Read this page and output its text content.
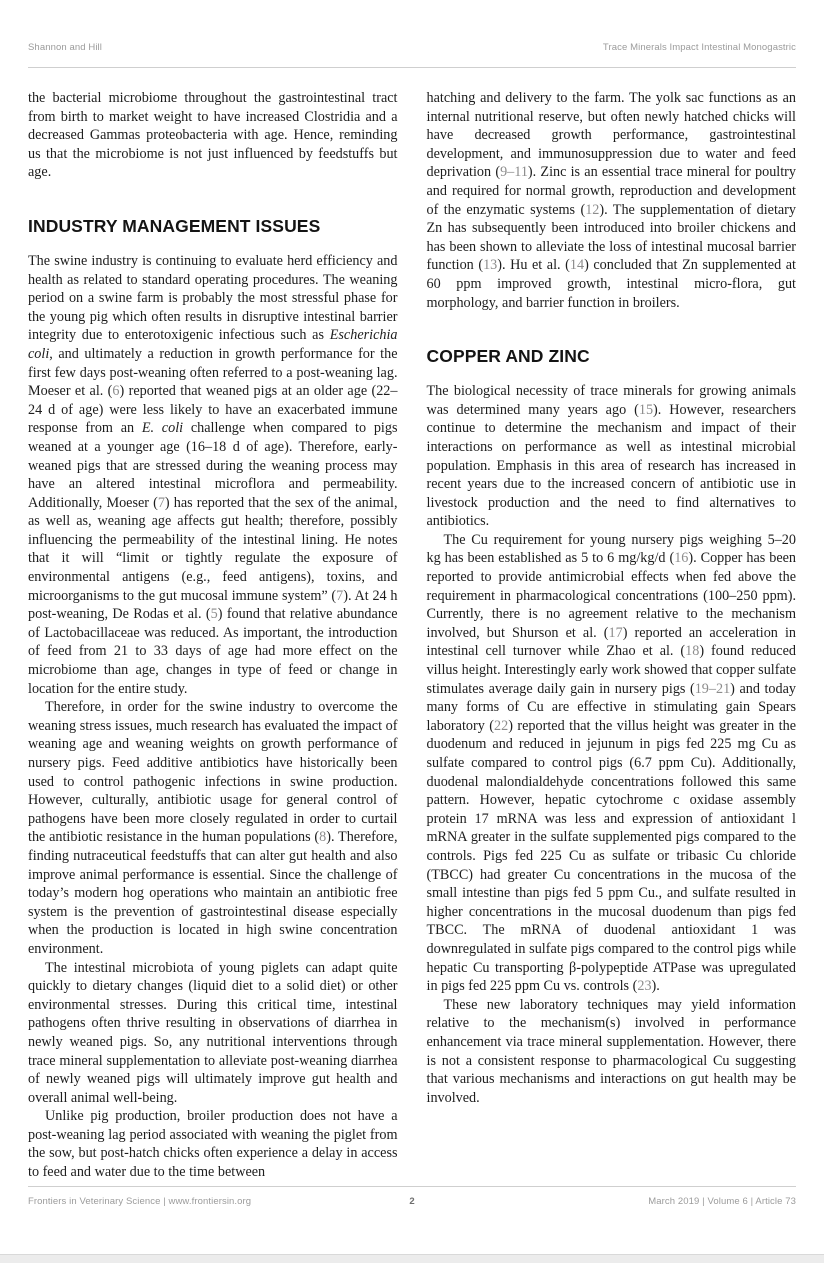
Shannon and Hill	Trace Minerals Impact Intestinal Monogastric

the bacterial microbiome throughout the gastrointestinal tract from birth to market weight to have increased Clostridia and a decreased Gammas proteobacteria with age. Hence, reminding us that the microbiome is not just influenced by feedstuffs but age.

INDUSTRY MANAGEMENT ISSUES

The swine industry is continuing to evaluate herd efficiency and health as related to standard operating procedures. The weaning period on a swine farm is probably the most stressful phase for the young pig which often results in disruptive intestinal barrier integrity due to enterotoxigenic infectious such as Escherichia coli, and ultimately a reduction in growth performance for the first few days post-weaning often referred to a post-weaning lag. Moeser et al. (6) reported that weaned pigs at an older age (22–24 d of age) were less likely to have an exacerbated immune response from an E. coli challenge when compared to pigs weaned at a younger age (16–18 d of age). Therefore, early-weaned pigs that are stressed during the weaning process may have an altered intestinal microflora and permeability. Additionally, Moeser (7) has reported that the sex of the animal, as well as, weaning age affects gut health; therefore, possibly influencing the permeability of the intestinal lining. He notes that it will “limit or tightly regulate the exposure of environmental antigens (e.g., feed antigens), toxins, and microorganisms to the gut mucosal immune system” (7). At 24 h post-weaning, De Rodas et al. (5) found that relative abundance of Lactobacillaceae was reduced. As important, the introduction of feed from 21 to 33 days of age had more effect on the microbiome than age, changes in type of feed or change in location for the entire study.

Therefore, in order for the swine industry to overcome the weaning stress issues, much research has evaluated the impact of weaning age and weaning weights on growth performance of nursery pigs. Feed additive antibiotics have historically been used to control pathogenic infections in swine production. However, culturally, antibiotic usage for general control of pathogens have been more closely regulated in order to curtail the antibiotic resistance in the human populations (8). Therefore, finding nutraceutical feedstuffs that can alter gut health and also improve animal performance is essential. Since the challenge of today’s modern hog operations who maintain an antibiotic free system is the prevention of gastrointestinal disease especially when the production is located in high swine concentration environment.

The intestinal microbiota of young piglets can adapt quite quickly to dietary changes (liquid diet to a solid diet) or other environmental stresses. During this critical time, intestinal pathogens often thrive resulting in observations of diarrhea in newly weaned pigs. So, any nutritional interventions through trace mineral supplementation to alleviate post-weaning diarrhea of newly weaned pigs will ultimately improve gut health and overall animal well-being.

Unlike pig production, broiler production does not have a post-weaning lag period associated with weaning the piglet from the sow, but post-hatch chicks often experience a delay in access to feed and water due to the time between

hatching and delivery to the farm. The yolk sac functions as an internal nutritional reserve, but often newly hatched chicks will have decreased growth performance, gastrointestinal development, and immunosuppression due to water and feed deprivation (9–11). Zinc is an essential trace mineral for poultry and required for normal growth, reproduction and development of the enzymatic systems (12). The supplementation of dietary Zn has subsequently been introduced into broiler chickens and has been shown to alleviate the loss of intestinal mucosal barrier function (13). Hu et al. (14) concluded that Zn supplemented at 60 ppm improved growth, intestinal micro-flora, gut morphology, and barrier function in broilers.

COPPER AND ZINC

The biological necessity of trace minerals for growing animals was determined many years ago (15). However, researchers continue to determine the mechanism and impact of their interactions on performance as well as intestinal microbial population. Emphasis in this area of research has increased in recent years due to the increased concern of antibiotic use in livestock production and the need to find alternatives to antibiotics.

The Cu requirement for young nursery pigs weighing 5–20 kg has been established as 5 to 6 mg/kg/d (16). Copper has been reported to provide antimicrobial effects when fed above the requirement in pharmacological concentrations (100–250 ppm). Currently, there is no agreement relative to the mechanism involved, but Shurson et al. (17) reported an acceleration in intestinal cell turnover while Zhao et al. (18) found reduced villus height. Interestingly early work showed that copper sulfate stimulates average daily gain in nursery pigs (19–21) and today many forms of Cu are effective in stimulating gain Spears laboratory (22) reported that the villus height was greater in the duodenum and reduced in jejunum in pigs fed 225 mg Cu as sulfate compared to control pigs (6.7 ppm Cu). Additionally, duodenal malondialdehyde concentrations followed this same pattern. However, hepatic cytochrome c oxidase assembly protein 17 mRNA was less and expression of antioxidant l mRNA greater in the sulfate supplemented pigs compared to the controls. Pigs fed 225 Cu as sulfate or tribasic Cu chloride (TBCC) had greater Cu concentrations in the mucosa of the small intestine than pigs fed 5 ppm Cu., and sulfate resulted in higher concentrations in the mucosal duodenum than pigs fed TBCC. The mRNA of duodenal antioxidant 1 was downregulated in sulfate pigs compared to the control pigs while hepatic Cu transporting β-polypeptide ATPase was upregulated in pigs fed 225 ppm Cu vs. controls (23).

These new laboratory techniques may yield information relative to the mechanism(s) involved in performance enhancement via trace mineral supplementation. However, there is not a consistent response to pharmacological Cu suggesting that various mechanisms and interactions on gut health may be involved.

Frontiers in Veterinary Science | www.frontiersin.org	2	March 2019 | Volume 6 | Article 73
